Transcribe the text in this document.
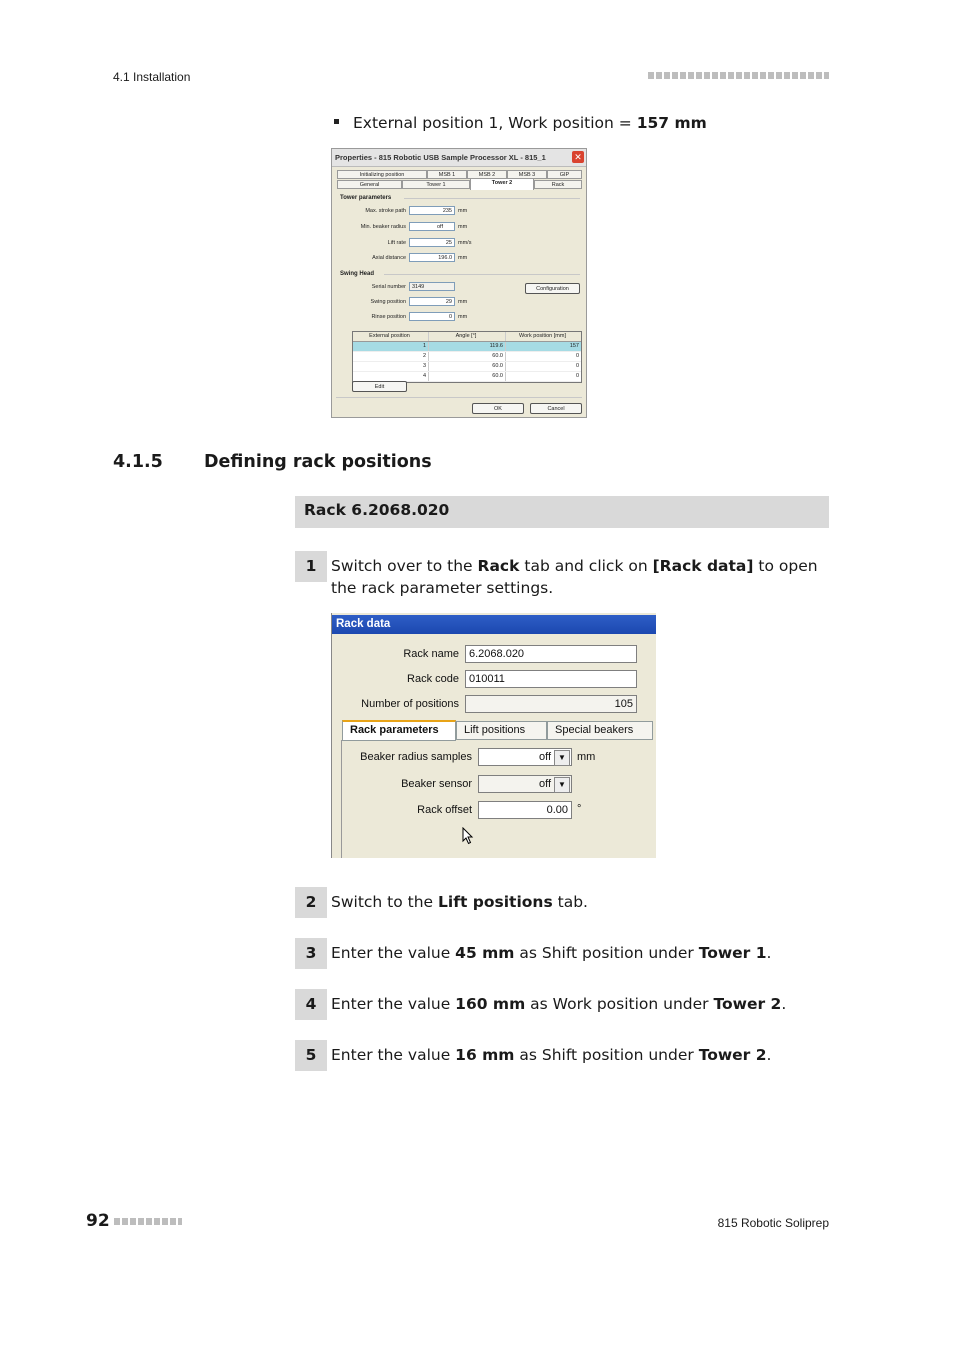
4.1 Installation
External position 1, Work position = 157 mm
Properties - 815 Robotic USB Sample Processor XL - 815_1	✕
Initializing position	MSB 1	MSB 2	MSB 3	GIP
General	Tower 1	Tower 2	Rack
Tower parameters
Max. stroke path	235	mm
Min. beaker radius	off	mm
Lift rate	25	mm/s
Axial distance	196.0	mm
Swing Head
Serial number	3149	Configuration
Swing position	29	mm
Rinse position	0	mm
External position	Angle [°]	Work position [mm]
1	119.6	157
2	60.0	0
3	60.0	0
4	60.0	0
Edit
OK	Cancel
4.1.5 Defining rack positions
Rack 6.2068.020
1 Switch over to the Rack tab and click on [Rack data] to open the rack parameter settings.
Rack data
Rack name 6.2068.020
Rack code 010011
Number of positions	105
Rack parameters	Lift positions	Special beakers
Beaker radius samples	off ▼	mm
Beaker sensor	off ▼
Rack offset	0.00 °
2 Switch to the Lift positions tab.
3 Enter the value 45 mm as Shift position under Tower 1.
4 Enter the value 160 mm as Work position under Tower 2.
5 Enter the value 16 mm as Shift position under Tower 2.
92	815 Robotic Soliprep
